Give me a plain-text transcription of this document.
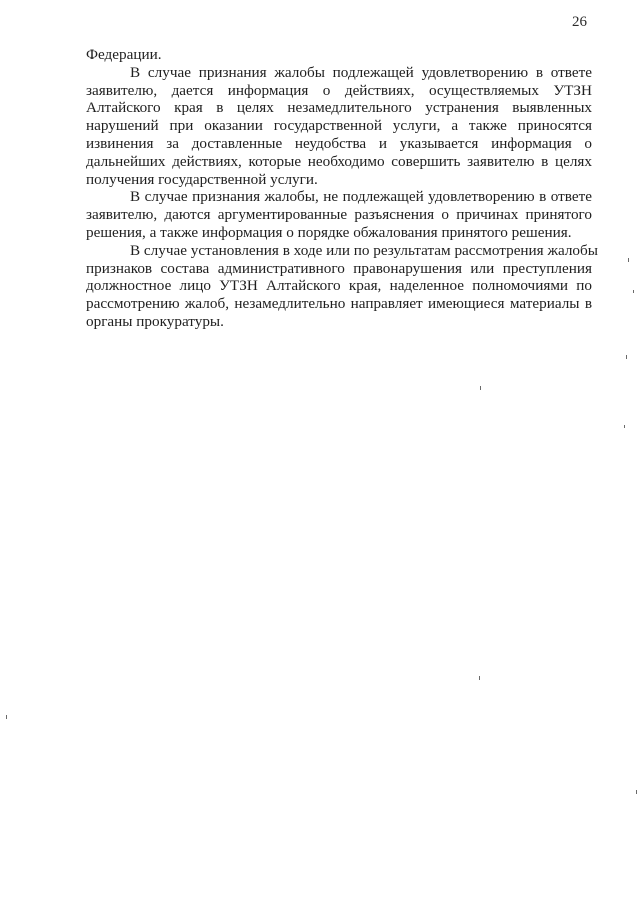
26
Федерации.
В случае признания жалобы подлежащей удовлетворению в ответе
заявителю, дается информация о действиях, осуществляемых УТЗН
Алтайского края в целях незамедлительного устранения выявленных
нарушений при оказании государственной услуги, а также приносятся
извинения за доставленные неудобства и указывается информация о
дальнейших действиях, которые необходимо совершить заявителю в целях
получения государственной услуги.
В случае признания жалобы, не подлежащей удовлетворению в ответе
заявителю, даются аргументированные разъяснения о причинах принятого
решения, а также информация о порядке обжалования принятого решения.
В случае установления в ходе или по результатам рассмотрения жалобы
признаков состава административного правонарушения или преступления
должностное лицо УТЗН Алтайского края, наделенное полномочиями по
рассмотрению жалоб, незамедлительно направляет имеющиеся материалы в
органы прокуратуры.
